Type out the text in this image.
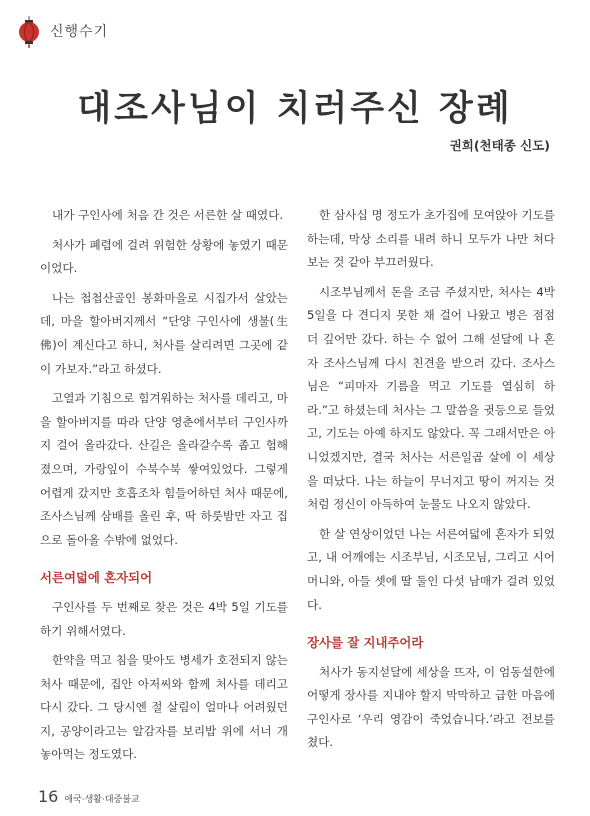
신행수기
대조사님이 치러주신 장례
권희(천태종 신도)

내가 구인사에 처음 간 것은 서른한 살 때였다.

처사가 폐렴에 걸려 위험한 상황에 놓였기 때문이었다.

나는 첩첩산골인 봉화마을로 시집가서 살았는데, 마을 할아버지께서 “단양 구인사에 생불(生佛)이 계신다고 하니, 처사를 살리려면 그곳에 같이 가보자.”라고 하셨다.

고열과 기침으로 힘겨워하는 처사를 데리고, 마을 할아버지를 따라 단양 영춘에서부터 구인사까지 걸어 올라갔다. 산길은 올라갈수록 좁고 험해졌으며, 가랑잎이 수북수북 쌓여있었다. 그렇게 어렵게 갔지만 호흡조차 힘들어하던 처사 때문에, 조사스님께 삼배를 올린 후, 딱 하룻밤만 자고 집으로 돌아올 수밖에 없었다.

서른여덟에 혼자되어

구인사를 두 번째로 찾은 것은 4박 5일 기도를 하기 위해서였다.

한약을 먹고 침을 맞아도 병세가 호전되지 않는 처사 때문에, 집안 아저씨와 함께 처사를 데리고 다시 갔다. 그 당시엔 절 살림이 얼마나 어려웠던지, 공양이라고는 알감자를 보리밥 위에 서너 개 놓아먹는 정도였다.

한 삼사십 명 정도가 초가집에 모여앉아 기도를 하는데, 막상 소리를 내려 하니 모두가 나만 쳐다보는 것 같아 부끄러웠다.

시조부님께서 돈을 조금 주셨지만, 처사는 4박 5일을 다 견디지 못한 채 걸어 나왔고 병은 점점 더 깊어만 갔다. 하는 수 없어 그해 섣달에 나 혼자 조사스님께 다시 친견을 받으러 갔다. 조사스님은 “피마자 기름을 먹고 기도를 열심히 하라.”고 하셨는데 처사는 그 말씀을 귓등으로 들었고, 기도는 아예 하지도 않았다. 꼭 그래서만은 아니었겠지만, 결국 처사는 서른일곱 살에 이 세상을 떠났다. 나는 하늘이 무너지고 땅이 꺼지는 것처럼 정신이 아득하여 눈물도 나오지 않았다.

한 살 연상이었던 나는 서른여덟에 혼자가 되었고, 내 어깨에는 시조부님, 시조모님, 그리고 시어머니와, 아들 셋에 딸 둘인 다섯 남매가 걸려 있었다.

장사를 잘 지내주어라

처사가 동지섣달에 세상을 뜨자, 이 엄동설한에 어떻게 장사를 지내야 할지 막막하고 급한 마음에 구인사로 ‘우리 영감이 죽었습니다.’라고 전보를 쳤다.

16 애국·생활·대중불교
